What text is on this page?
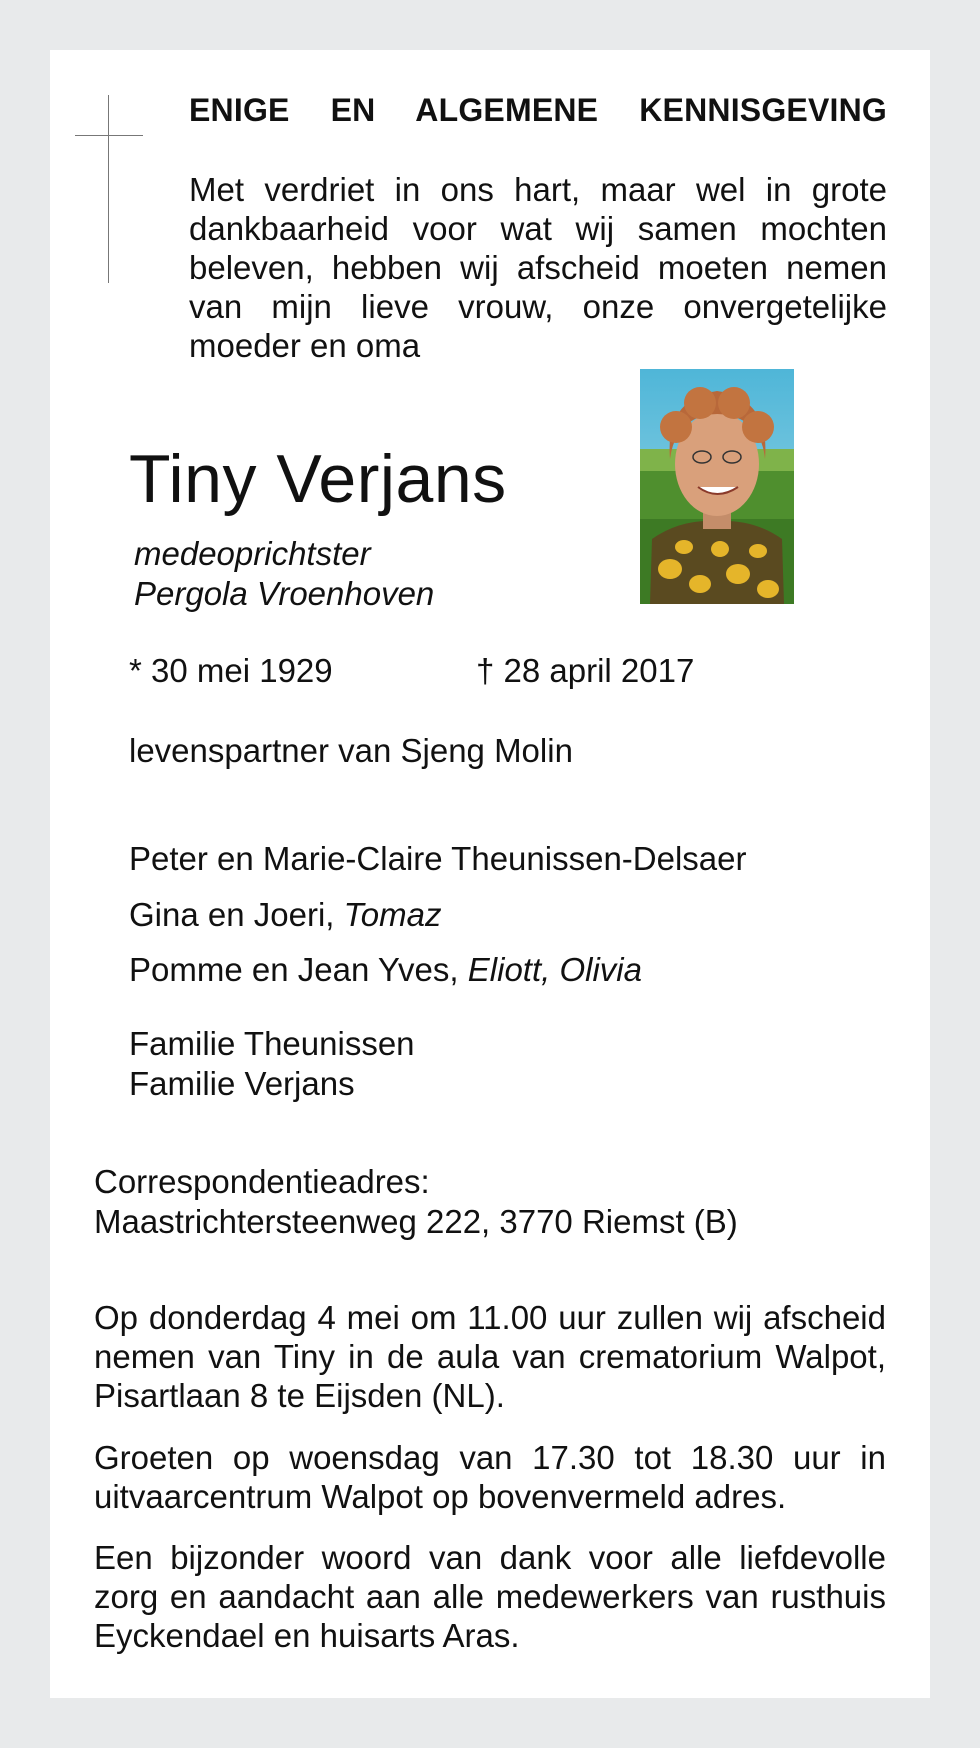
ENIGE EN ALGEMENE KENNISGEVING
Met verdriet in ons hart, maar wel in grote dankbaarheid voor wat wij samen mochten beleven, hebben wij afscheid moeten nemen van mijn lieve vrouw, onze onvergetelijke moeder en oma
Tiny Verjans
medeoprichtster
Pergola Vroenhoven
* 30 mei 1929	† 28 april 2017
levenspartner van Sjeng Molin
Peter en Marie-Claire Theunissen-Delsaer
Gina en Joeri, Tomaz
Pomme en Jean Yves, Eliott, Olivia
Familie Theunissen
Familie Verjans
Correspondentieadres:
Maastrichtersteenweg 222, 3770 Riemst (B)
Op donderdag 4 mei om 11.00 uur zullen wij afscheid nemen van Tiny in de aula van crematorium Walpot, Pisartlaan 8 te Eijsden (NL).
Groeten op woensdag van 17.30 tot 18.30 uur in uitvaarcentrum Walpot op bovenvermeld adres.
Een bijzonder woord van dank voor alle liefdevolle zorg en aandacht aan alle medewerkers van rusthuis Eyckendael en huisarts Aras.
